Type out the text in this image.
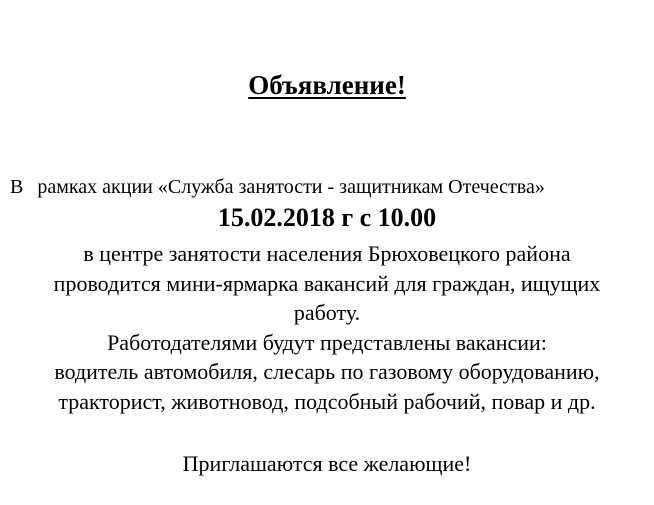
Объявление!
В рамках акции «Служба занятости - защитникам Отечества»
15.02.2018 г с 10.00
в центре занятости населения Брюховецкого района
проводится мини-ярмарка вакансий для граждан, ищущих
работу.
Работодателями будут представлены вакансии:
водитель автомобиля, слесарь по газовому оборудованию,
тракторист, животновод, подсобный рабочий, повар и др.
Приглашаются все желающие!
